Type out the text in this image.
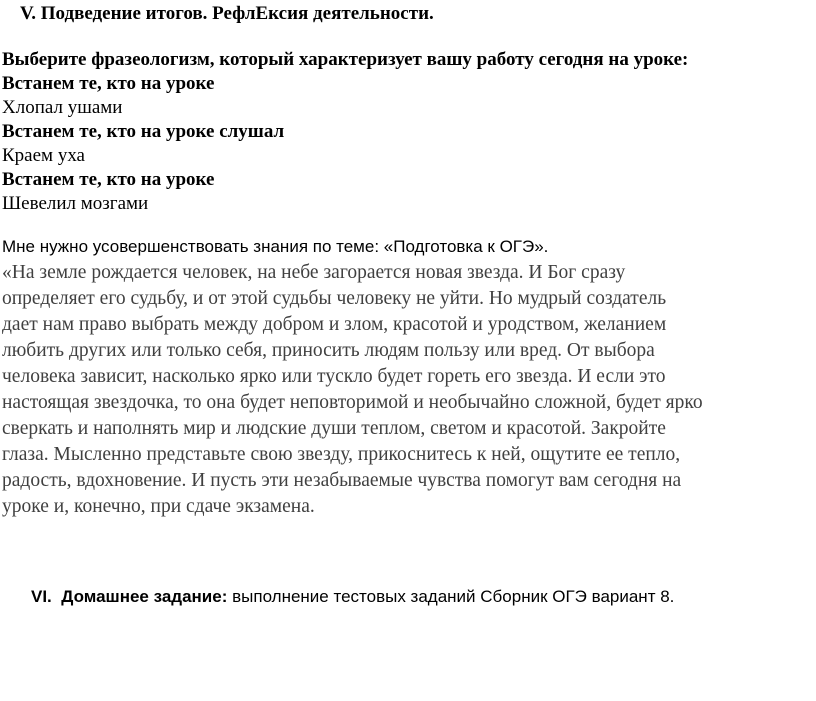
V. Подведение итогов. РефлЕксия деятельности.
Выберите фразеологизм, который характеризует вашу работу сегодня на уроке:
Встанем те, кто на уроке
Хлопал ушами
Встанем те, кто на уроке слушал
Краем уха
Встанем те, кто на уроке
Шевелил мозгами
Мне нужно усовершенствовать знания по теме: «Подготовка к ОГЭ».
«На земле рождается человек, на небе загорается новая звезда. И Бог сразу
определяет его судьбу, и от этой судьбы человеку не уйти. Но мудрый создатель
дает нам право выбрать между добром и злом, красотой и уродством, желанием
любить других или только себя, приносить людям пользу или вред. От выбора
человека зависит, насколько ярко или тускло будет гореть его звезда. И если это
настоящая звездочка, то она будет неповторимой и необычайно сложной, будет ярко
сверкать и наполнять мир и людские души теплом, светом и красотой. Закройте
глаза. Мысленно представьте свою звезду, прикоснитесь к ней, ощутите ее тепло,
радость, вдохновение. И пусть эти незабываемые чувства помогут вам сегодня на
уроке и, конечно, при сдаче экзамена.
VI. Домашнее задание: выполнение тестовых заданий Сборник ОГЭ вариант 8.
